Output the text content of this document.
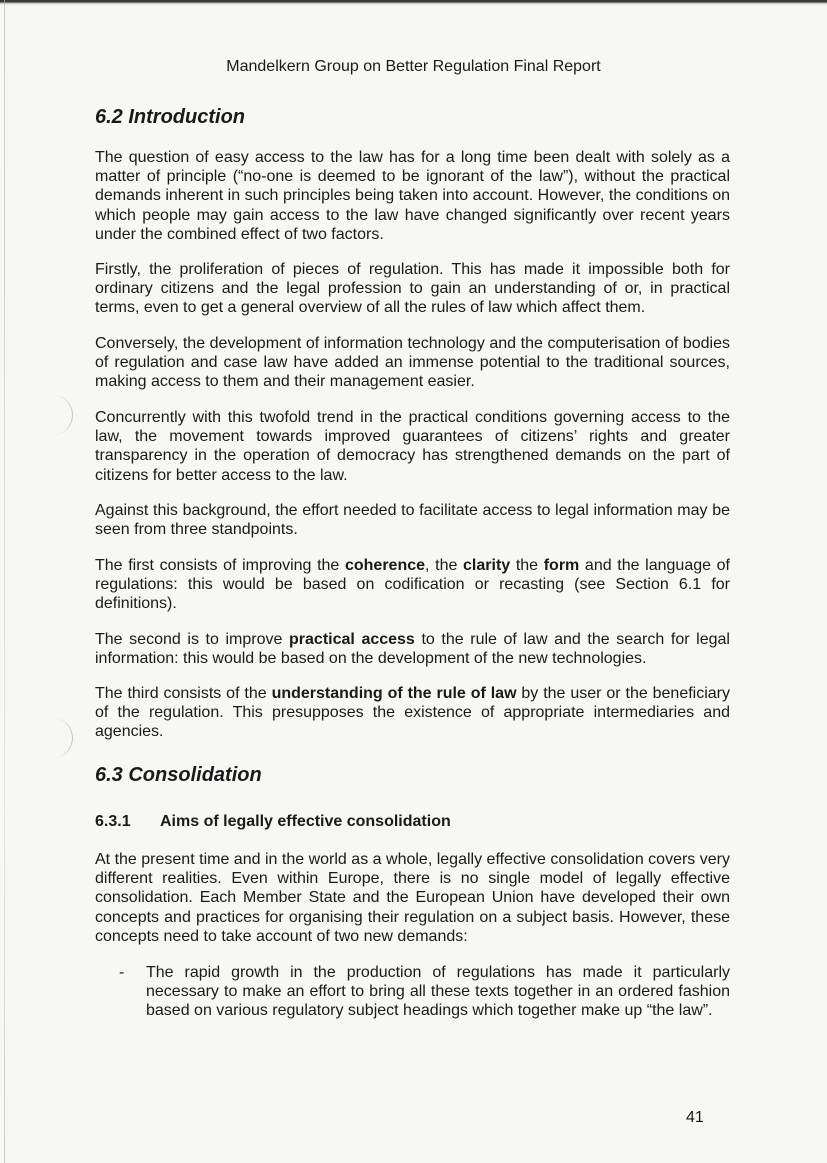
Mandelkern Group on Better Regulation Final Report
6.2 Introduction

The question of easy access to the law has for a long time been dealt with solely as a matter of principle (“no-one is deemed to be ignorant of the law”), without the practical demands inherent in such principles being taken into account. However, the conditions on which people may gain access to the law have changed significantly over recent years under the combined effect of two factors.

Firstly, the proliferation of pieces of regulation. This has made it impossible both for ordinary citizens and the legal profession to gain an understanding of or, in practical terms, even to get a general overview of all the rules of law which affect them.

Conversely, the development of information technology and the computerisation of bodies of regulation and case law have added an immense potential to the traditional sources, making access to them and their management easier.

Concurrently with this twofold trend in the practical conditions governing access to the law, the movement towards improved guarantees of citizens’ rights and greater transparency in the operation of democracy has strengthened demands on the part of citizens for better access to the law.

Against this background, the effort needed to facilitate access to legal information may be seen from three standpoints.

The first consists of improving the coherence, the clarity the form and the language of regulations: this would be based on codification or recasting (see Section 6.1 for definitions).

The second is to improve practical access to the rule of law and the search for legal information: this would be based on the development of the new technologies.

The third consists of the understanding of the rule of law by the user or the beneficiary of the regulation. This presupposes the existence of appropriate intermediaries and agencies.

6.3 Consolidation
6.3.1 Aims of legally effective consolidation

At the present time and in the world as a whole, legally effective consolidation covers very different realities. Even within Europe, there is no single model of legally effective consolidation. Each Member State and the European Union have developed their own concepts and practices for organising their regulation on a subject basis. However, these concepts need to take account of two new demands:

- The rapid growth in the production of regulations has made it particularly necessary to make an effort to bring all these texts together in an ordered fashion based on various regulatory subject headings which together make up “the law”.
41
